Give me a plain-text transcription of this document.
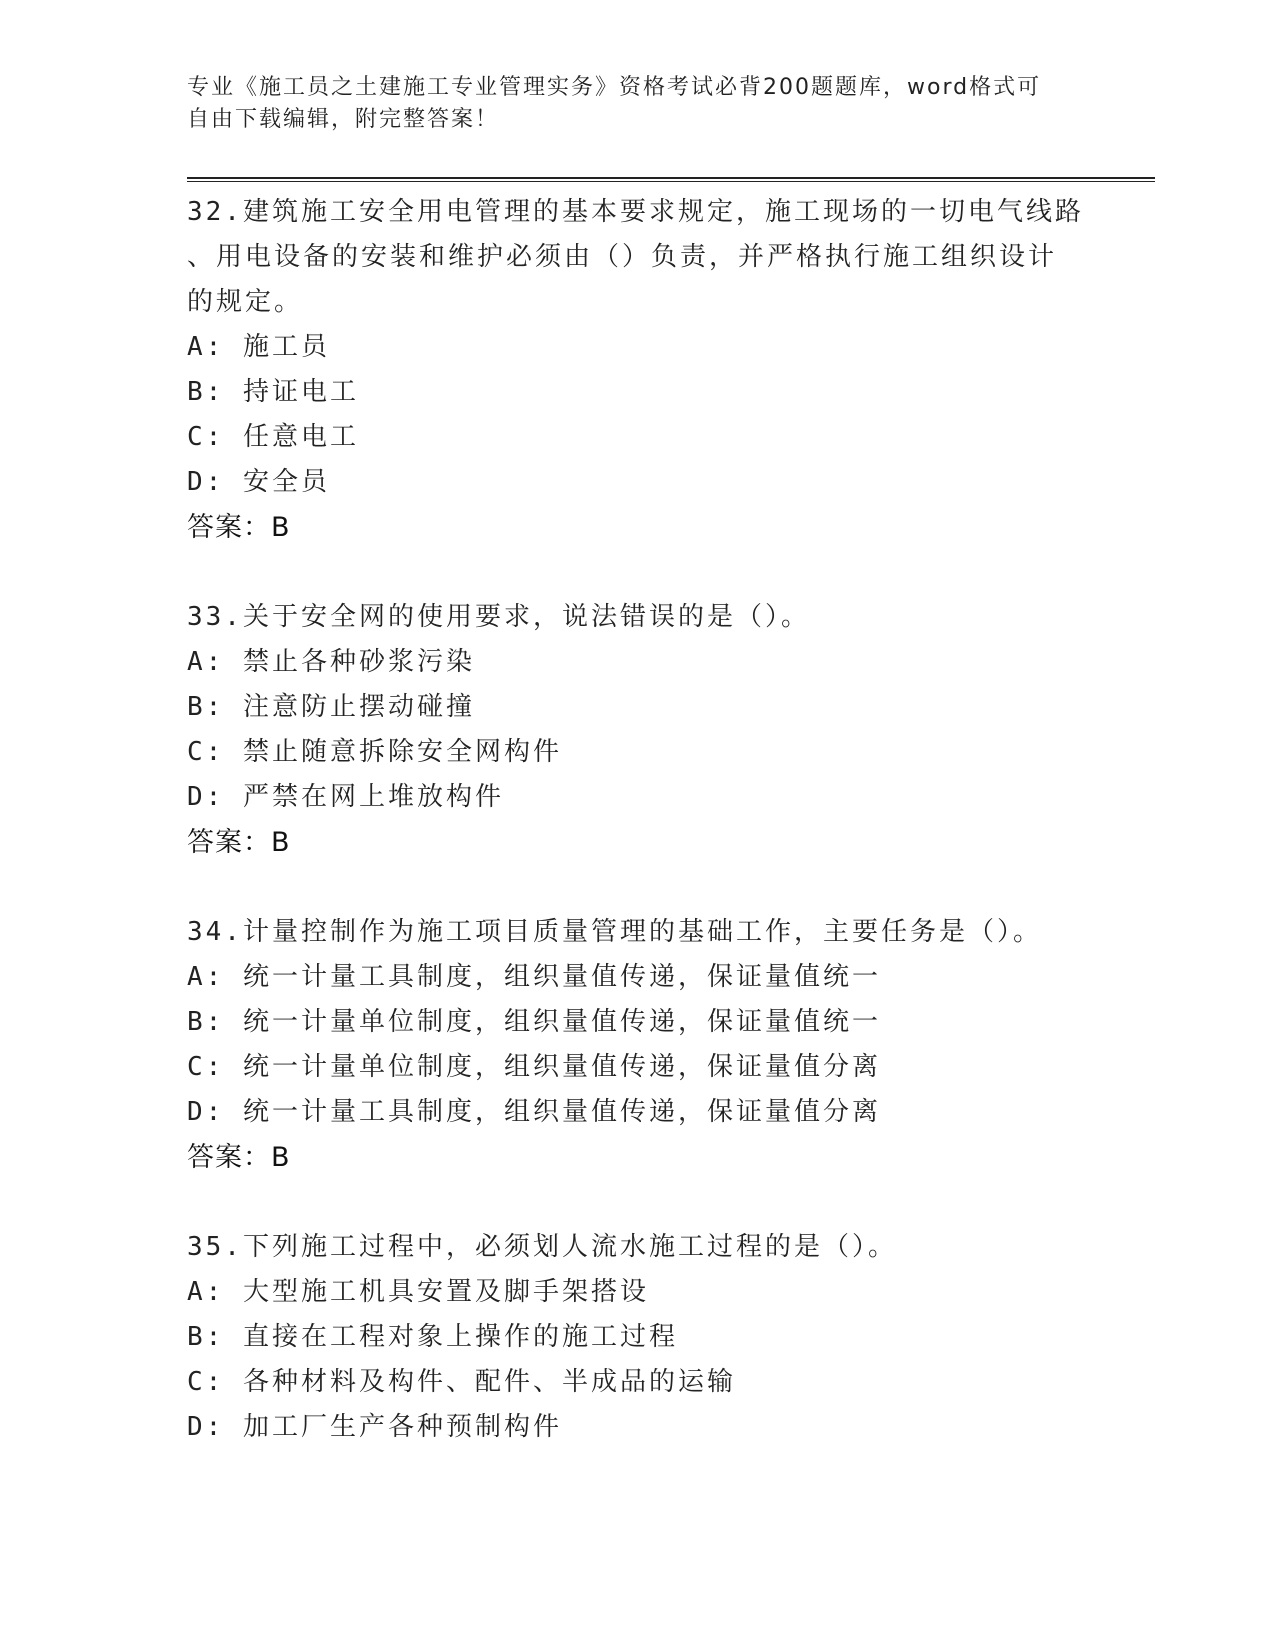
专业《施工员之土建施工专业管理实务》资格考试必背200题题库，word格式可
自由下载编辑，附完整答案！
32.建筑施工安全用电管理的基本要求规定，施工现场的一切电气线路
、用电设备的安装和维护必须由（）负责，并严格执行施工组织设计
的规定。
A: 施工员
B: 持证电工
C: 任意电工
D: 安全员
答案：B
33.关于安全网的使用要求，说法错误的是（）。
A: 禁止各种砂浆污染
B: 注意防止摆动碰撞
C: 禁止随意拆除安全网构件
D: 严禁在网上堆放构件
答案：B
34.计量控制作为施工项目质量管理的基础工作，主要任务是（）。
A: 统一计量工具制度，组织量值传递，保证量值统一
B: 统一计量单位制度，组织量值传递，保证量值统一
C: 统一计量单位制度，组织量值传递，保证量值分离
D: 统一计量工具制度，组织量值传递，保证量值分离
答案：B
35.下列施工过程中，必须划人流水施工过程的是（）。
A: 大型施工机具安置及脚手架搭设
B: 直接在工程对象上操作的施工过程
C: 各种材料及构件、配件、半成品的运输
D: 加工厂生产各种预制构件
